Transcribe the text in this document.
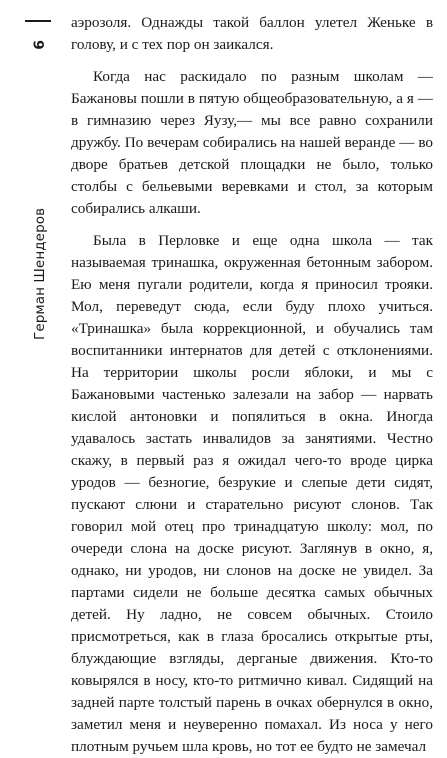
Герман Шендеров
6

аэрозоля. Однажды такой баллон улетел Женьке в голову, и с тех пор он заикался.

Когда нас раскидало по разным школам — Бажановы пошли в пятую общеобразовательную, а я — в гимназию через Яузу,— мы все равно сохранили дружбу. По вечерам собирались на нашей веранде — во дворе братьев детской площадки не было, только столбы с бельевыми веревками и стол, за которым собирались алкаши.

Была в Перловке и еще одна школа — так называемая тринашка, окруженная бетонным забором. Ею меня пугали родители, когда я приносил трояки. Мол, переведут сюда, если буду плохо учиться. «Тринашка» была коррекционной, и обучались там воспитанники интернатов для детей с отклонениями. На территории школы росли яблоки, и мы с Бажановыми частенько залезали на забор — нарвать кислой антоновки и попялиться в окна. Иногда удавалось застать инвалидов за занятиями. Честно скажу, в первый раз я ожидал чего-то вроде цирка уродов — безногие, безрукие и слепые дети сидят, пускают слюни и старательно рисуют слонов. Так говорил мой отец про тринадцатую школу: мол, по очереди слона на доске рисуют. Заглянув в окно, я, однако, ни уродов, ни слонов на доске не увидел. За партами сидели не больше десятка самых обычных детей. Ну ладно, не совсем обычных. Стоило присмотреться, как в глаза бросались открытые рты, блуждающие взгляды, дерганые движения. Кто-то ковырялся в носу, кто-то ритмично кивал. Сидящий на задней парте толстый парень в очках обернулся в окно, заметил меня и неуверенно помахал. Из носа у него плотным ручьем шла кровь, но тот ее будто не замечал
